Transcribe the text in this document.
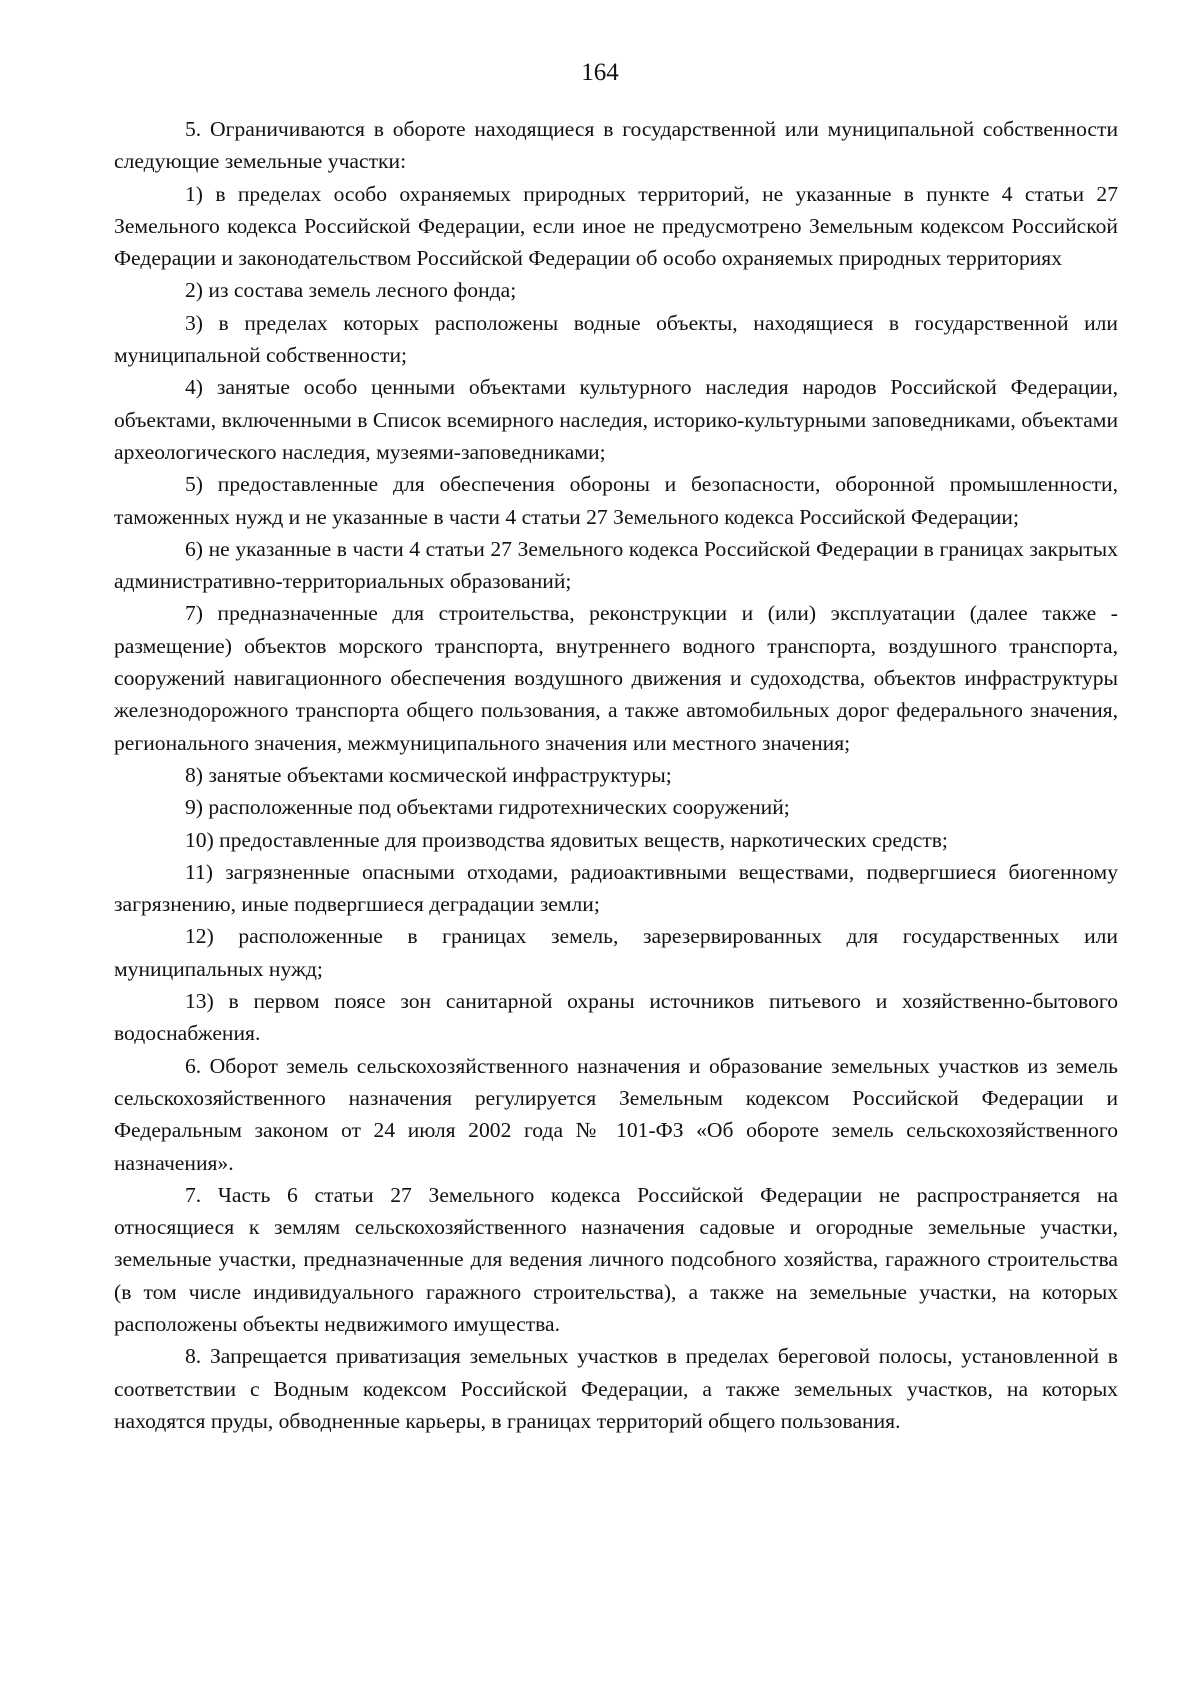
164

5. Ограничиваются в обороте находящиеся в государственной или муниципальной собственности следующие земельные участки:

1) в пределах особо охраняемых природных территорий, не указанные в пункте 4 статьи 27 Земельного кодекса Российской Федерации, если иное не предусмотрено Земельным кодексом Российской Федерации и законодательством Российской Федерации об особо охраняемых природных территориях

2) из состава земель лесного фонда;

3) в пределах которых расположены водные объекты, находящиеся в государственной или муниципальной собственности;

4) занятые особо ценными объектами культурного наследия народов Российской Федерации, объектами, включенными в Список всемирного наследия, историко-культурными заповедниками, объектами археологического наследия, музеями-заповедниками;

5) предоставленные для обеспечения обороны и безопасности, оборонной промышленности, таможенных нужд и не указанные в части 4 статьи 27 Земельного кодекса Российской Федерации;

6) не указанные в части 4 статьи 27 Земельного кодекса Российской Федерации в границах закрытых административно-территориальных образований;

7) предназначенные для строительства, реконструкции и (или) эксплуатации (далее также - размещение) объектов морского транспорта, внутреннего водного транспорта, воздушного транспорта, сооружений навигационного обеспечения воздушного движения и судоходства, объектов инфраструктуры железнодорожного транспорта общего пользования, а также автомобильных дорог федерального значения, регионального значения, межмуниципального значения или местного значения;

8) занятые объектами космической инфраструктуры;

9) расположенные под объектами гидротехнических сооружений;

10) предоставленные для производства ядовитых веществ, наркотических средств;

11) загрязненные опасными отходами, радиоактивными веществами, подвергшиеся биогенному загрязнению, иные подвергшиеся деградации земли;

12) расположенные в границах земель, зарезервированных для государственных или муниципальных нужд;

13) в первом поясе зон санитарной охраны источников питьевого и хозяйственно-бытового водоснабжения.

6. Оборот земель сельскохозяйственного назначения и образование земельных участков из земель сельскохозяйственного назначения регулируется Земельным кодексом Российской Федерации и Федеральным законом от 24 июля 2002 года № 101-ФЗ «Об обороте земель сельскохозяйственного назначения».

7. Часть 6 статьи 27 Земельного кодекса Российской Федерации не распространяется на относящиеся к землям сельскохозяйственного назначения садовые и огородные земельные участки, земельные участки, предназначенные для ведения личного подсобного хозяйства, гаражного строительства (в том числе индивидуального гаражного строительства), а также на земельные участки, на которых расположены объекты недвижимого имущества.

8. Запрещается приватизация земельных участков в пределах береговой полосы, установленной в соответствии с Водным кодексом Российской Федерации, а также земельных участков, на которых находятся пруды, обводненные карьеры, в границах территорий общего пользования.
